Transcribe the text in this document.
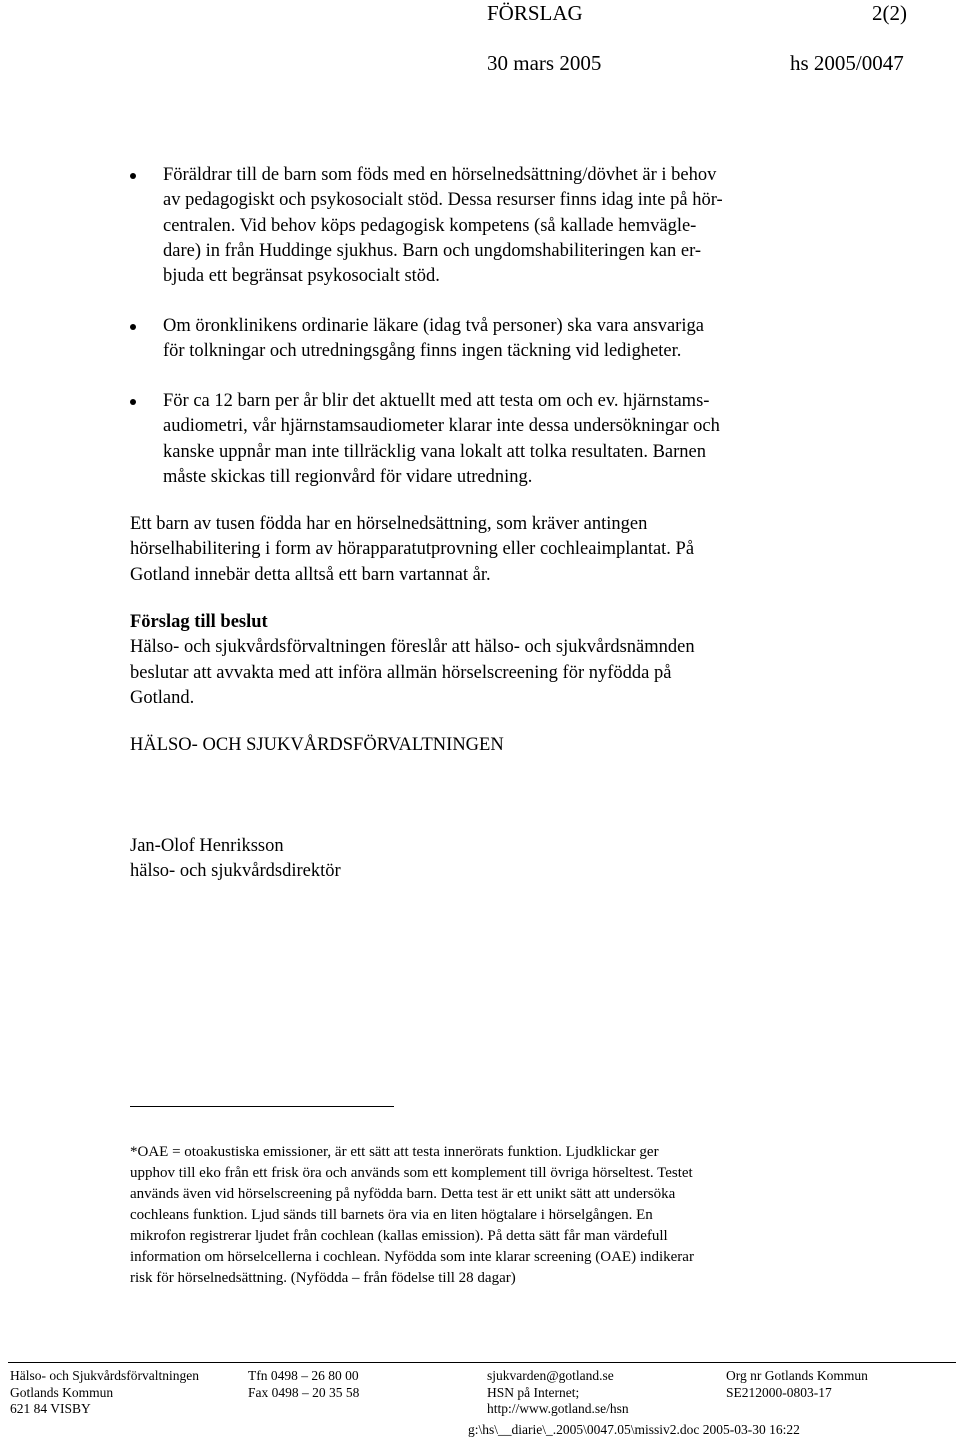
FÖRSLAG	2(2)
30 mars 2005	hs 2005/0047
Föräldrar till de barn som föds med en hörselnedsättning/dövhet är i behov
av pedagogiskt och psykosocialt stöd. Dessa resurser finns idag inte på hör-
centralen. Vid behov köps pedagogisk kompetens (så kallade hemvägle-
dare) in från Huddinge sjukhus. Barn och ungdomshabiliteringen kan er-
bjuda ett begränsat psykosocialt stöd.
Om öronklinikens ordinarie läkare (idag två personer) ska vara ansvariga
för tolkningar och utredningsgång finns ingen täckning vid ledigheter.
För ca 12 barn per år blir det aktuellt med att testa om och ev. hjärnstams-
audiometri, vår hjärnstamsaudiometer klarar inte dessa undersökningar och
kanske uppnår man inte tillräcklig vana lokalt att tolka resultaten. Barnen
måste skickas till regionvård för vidare utredning.
Ett barn av tusen födda har en hörselnedsättning, som kräver antingen
hörselhabilitering i form av hörapparatutprovning eller cochleaimplantat. På
Gotland innebär detta alltså ett barn vartannat år.
Förslag till beslut
Hälso- och sjukvårdsförvaltningen föreslår att hälso- och sjukvårdsnämnden
beslutar att avvakta med att införa allmän hörselscreening för nyfödda på
Gotland.
HÄLSO- OCH SJUKVÅRDSFÖRVALTNINGEN
Jan-Olof Henriksson
hälso- och sjukvårdsdirektör
*OAE = otoakustiska emissioner, är ett sätt att testa innerörats funktion. Ljudklickar ger
upphov till eko från ett frisk öra och används som ett komplement till övriga hörseltest. Testet
används även vid hörselscreening på nyfödda barn. Detta test är ett unikt sätt att undersöka
cochleans funktion. Ljud sänds till barnets öra via en liten högtalare i hörselgången. En
mikrofon registrerar ljudet från cochlean (kallas emission). På detta sätt får man värdefull
information om hörselcellerna i cochlean. Nyfödda som inte klarar screening (OAE) indikerar
risk för hörselnedsättning. (Nyfödda – från födelse till 28 dagar)
Hälso- och Sjukvårdsförvaltningen
Gotlands Kommun
621 84 VISBY
Tfn 0498 – 26 80 00
Fax 0498 – 20 35 58
sjukvarden@gotland.se
HSN på Internet;
http://www.gotland.se/hsn
Org nr Gotlands Kommun
SE212000-0803-17
g:\hs\__diarie\_.2005\0047.05\missiv2.doc 2005-03-30 16:22
